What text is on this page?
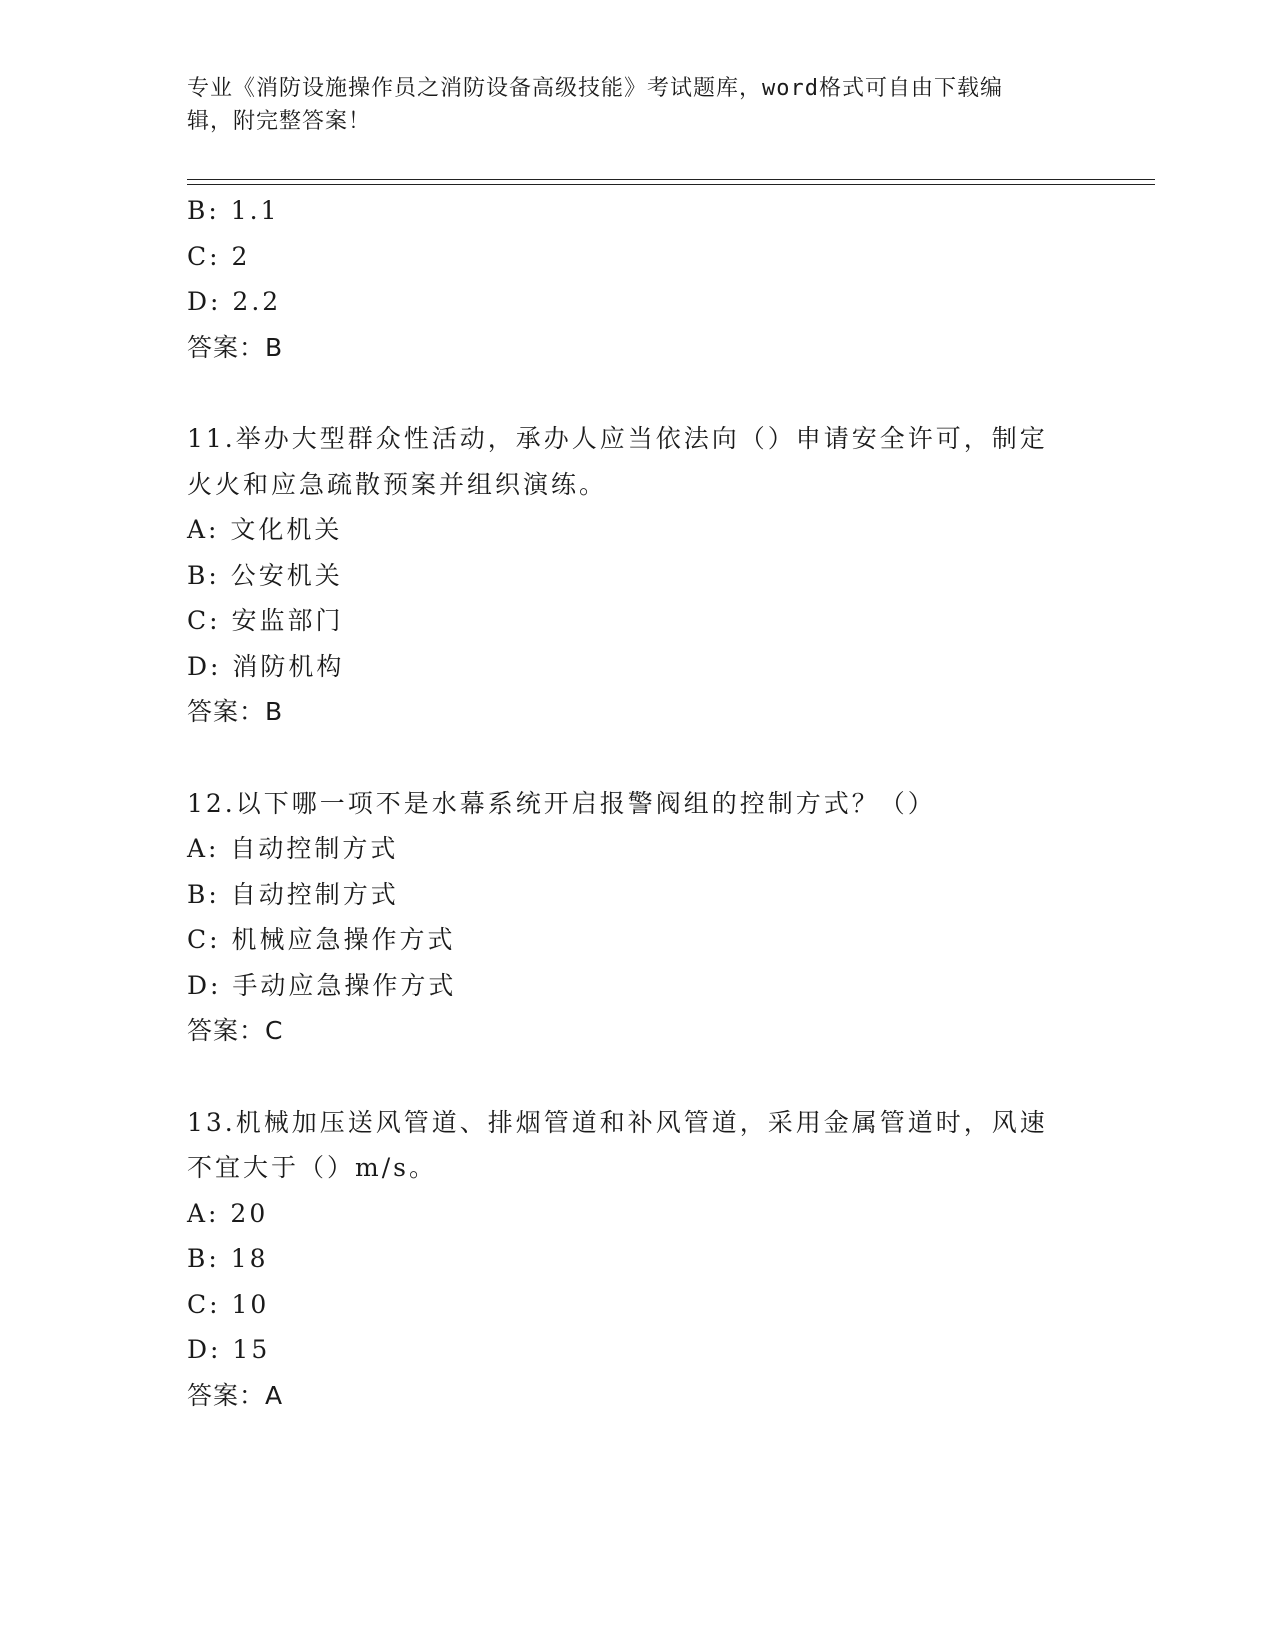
专业《消防设施操作员之消防设备高级技能》考试题库，word格式可自由下载编
辑，附完整答案！
B: 1.1
C: 2
D: 2.2
答案：B
11.举办大型群众性活动，承办人应当依法向（）申请安全许可，制定
火火和应急疏散预案并组织演练。
A: 文化机关
B: 公安机关
C: 安监部门
D: 消防机构
答案：B
12.以下哪一项不是水幕系统开启报警阀组的控制方式？（）
A: 自动控制方式
B: 自动控制方式
C: 机械应急操作方式
D: 手动应急操作方式
答案：C
13.机械加压送风管道、排烟管道和补风管道，采用金属管道时，风速
不宜大于（）m/s。
A: 20
B: 18
C: 10
D: 15
答案：A
